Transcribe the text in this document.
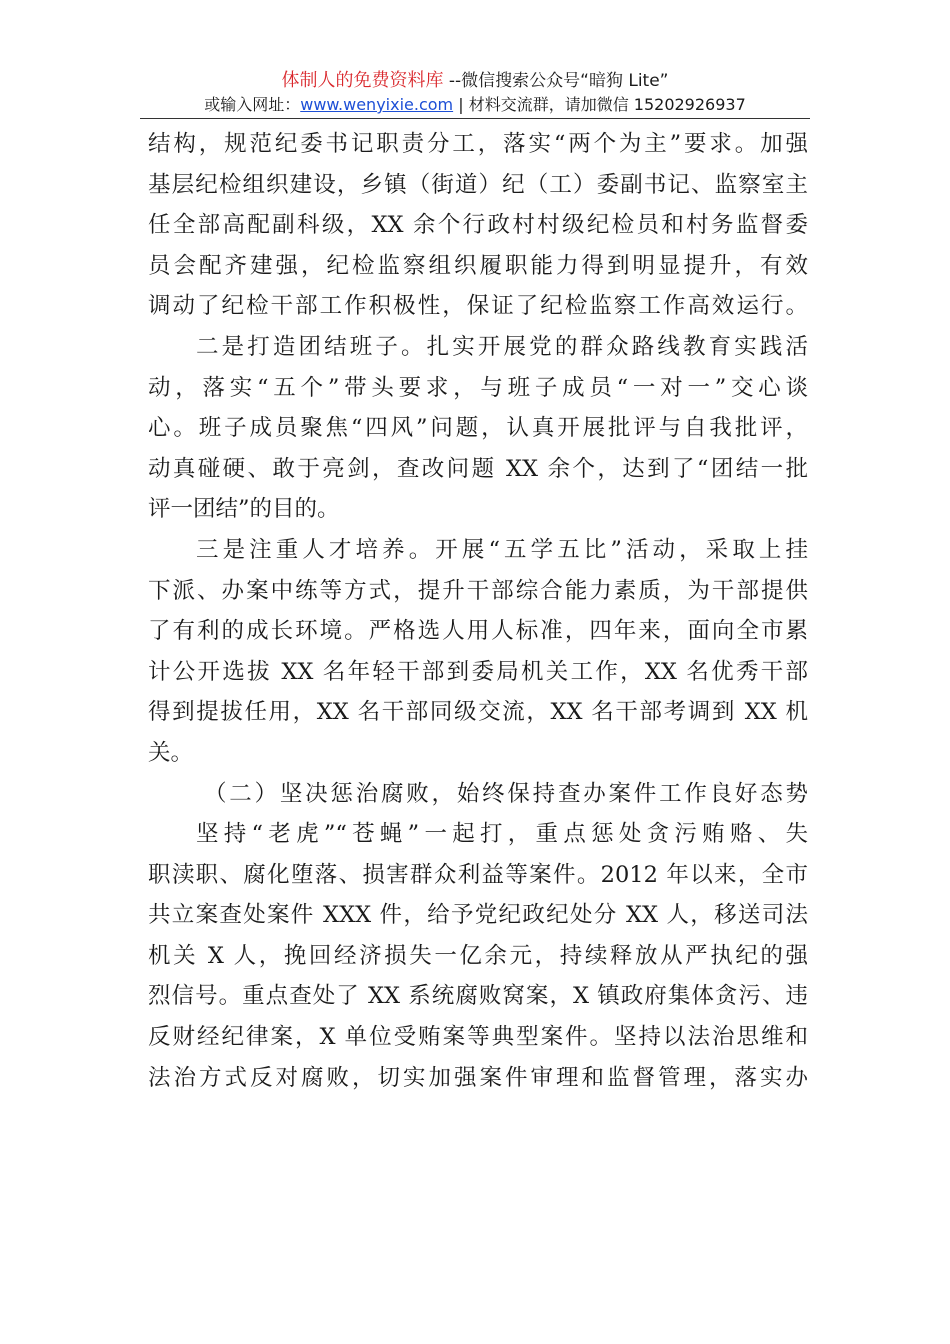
体制人的免费资料库 --微信搜索公众号“暗狗 Lite”
或输入网址：www.wenyixie.com | 材料交流群，请加微信 15202926937
结构，规范纪委书记职责分工，落实“两个为主”要求。加强
基层纪检组织建设，乡镇（街道）纪（工）委副书记、监察室主
任全部高配副科级，XX 余个行政村村级纪检员和村务监督委
员会配齐建强，纪检监察组织履职能力得到明显提升，有效
调动了纪检干部工作积极性，保证了纪检监察工作高效运行。
二是打造团结班子。扎实开展党的群众路线教育实践活
动，落实“五个”带头要求，与班子成员“一对一”交心谈
心。班子成员聚焦“四风”问题，认真开展批评与自我批评，
动真碰硬、敢于亮剑，查改问题 XX 余个，达到了“团结一批
评一团结”的目的。
三是注重人才培养。开展“五学五比”活动，采取上挂
下派、办案中练等方式，提升干部综合能力素质，为干部提供
了有利的成长环境。严格选人用人标准，四年来，面向全市累
计公开选拔 XX 名年轻干部到委局机关工作，XX 名优秀干部
得到提拔任用，XX 名干部同级交流，XX 名干部考调到 XX 机
关。
（二）坚决惩治腐败，始终保持查办案件工作良好态势
坚持“老虎”“苍蝇”一起打，重点惩处贪污贿赂、失
职渎职、腐化堕落、损害群众利益等案件。2012 年以来，全市
共立案查处案件 XXX 件，给予党纪政纪处分 XX 人，移送司法
机关 X 人，挽回经济损失一亿余元，持续释放从严执纪的强
烈信号。重点查处了 XX 系统腐败窝案，X 镇政府集体贪污、违
反财经纪律案，X 单位受贿案等典型案件。坚持以法治思维和
法治方式反对腐败，切实加强案件审理和监督管理，落实办
